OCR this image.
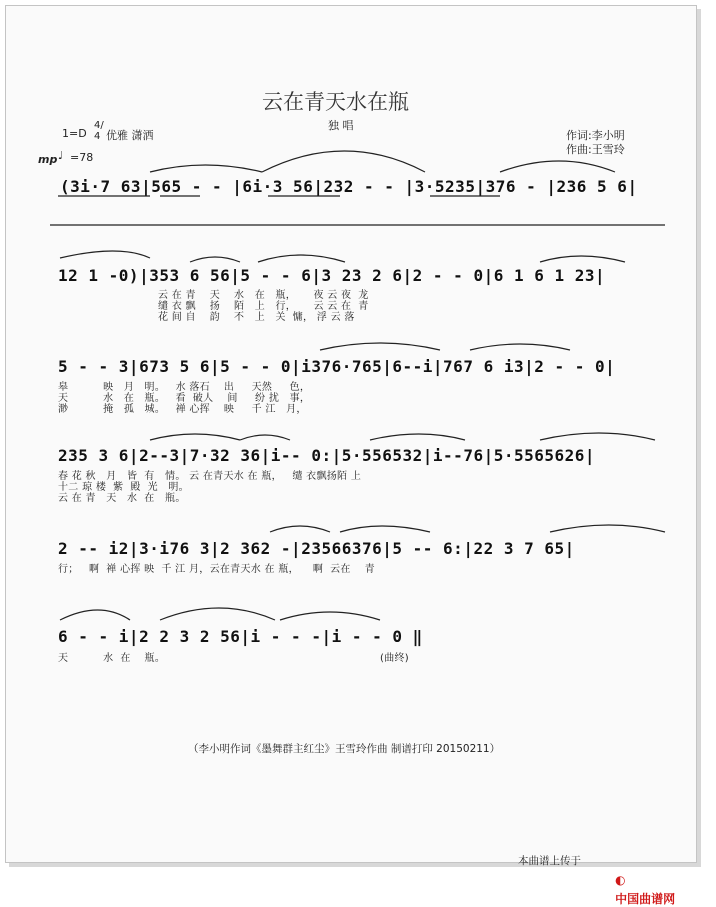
云在青天水在瓶
独 唱
1=D
4/4 优雅 潇洒
mp ♩ =78
作词:李小明
作曲:王雪玲
(3i·7 63|565 - - |6i·3 56|232 - - |3·5235|376 - |236 5 6|
12 1 -0)|353 6 56|5 - - 6|3 23 2 6|2 - - 0|6 1 6 1 23|
云 在 青    天    水   在   瓶，     夜 云 夜  龙
缱 衣 飘    扬    陌   上   行，     云 云 在  青
花 间 自    韵    不   上   关  慵， 浮 云 落
5 - - 3|673 5 6|5 - - 0|i376·765|6--i|767 6 i3|2 - - 0|
皋          映   月   明。   水 落石    出     天然     色，
天          水   在   瓶。   看  破人    间     纷 扰   事，
渺          掩   孤   城。   禅 心挥    映     千 江   月，
235 3 6|2--3|7·32 36|i-- 0:|5·556532|i--76|5·5565626|
春 花 秋   月   皆  有   情。 云 在青天水 在 瓶，   缱 衣飘扬陌 上
十二 琼 楼  紫  殿  光   明。
云 在 青   天   水  在   瓶。
2 -- i2|3·i76 3|2 362 -|23566376|5 -- 6:|22 3 7 65|
行；   啊  禅 心挥 映  千 江 月，云在青天水 在 瓶，    啊  云在    青
6 - - i|2 2 3 2 56|i - - -|i - - 0 ‖
天          水  在    瓶。	(曲终)
（李小明作词《墨舞群主红尘》王雪玲作曲 制谱打印 20150211）
本曲谱上传于

◐
中国曲谱网
